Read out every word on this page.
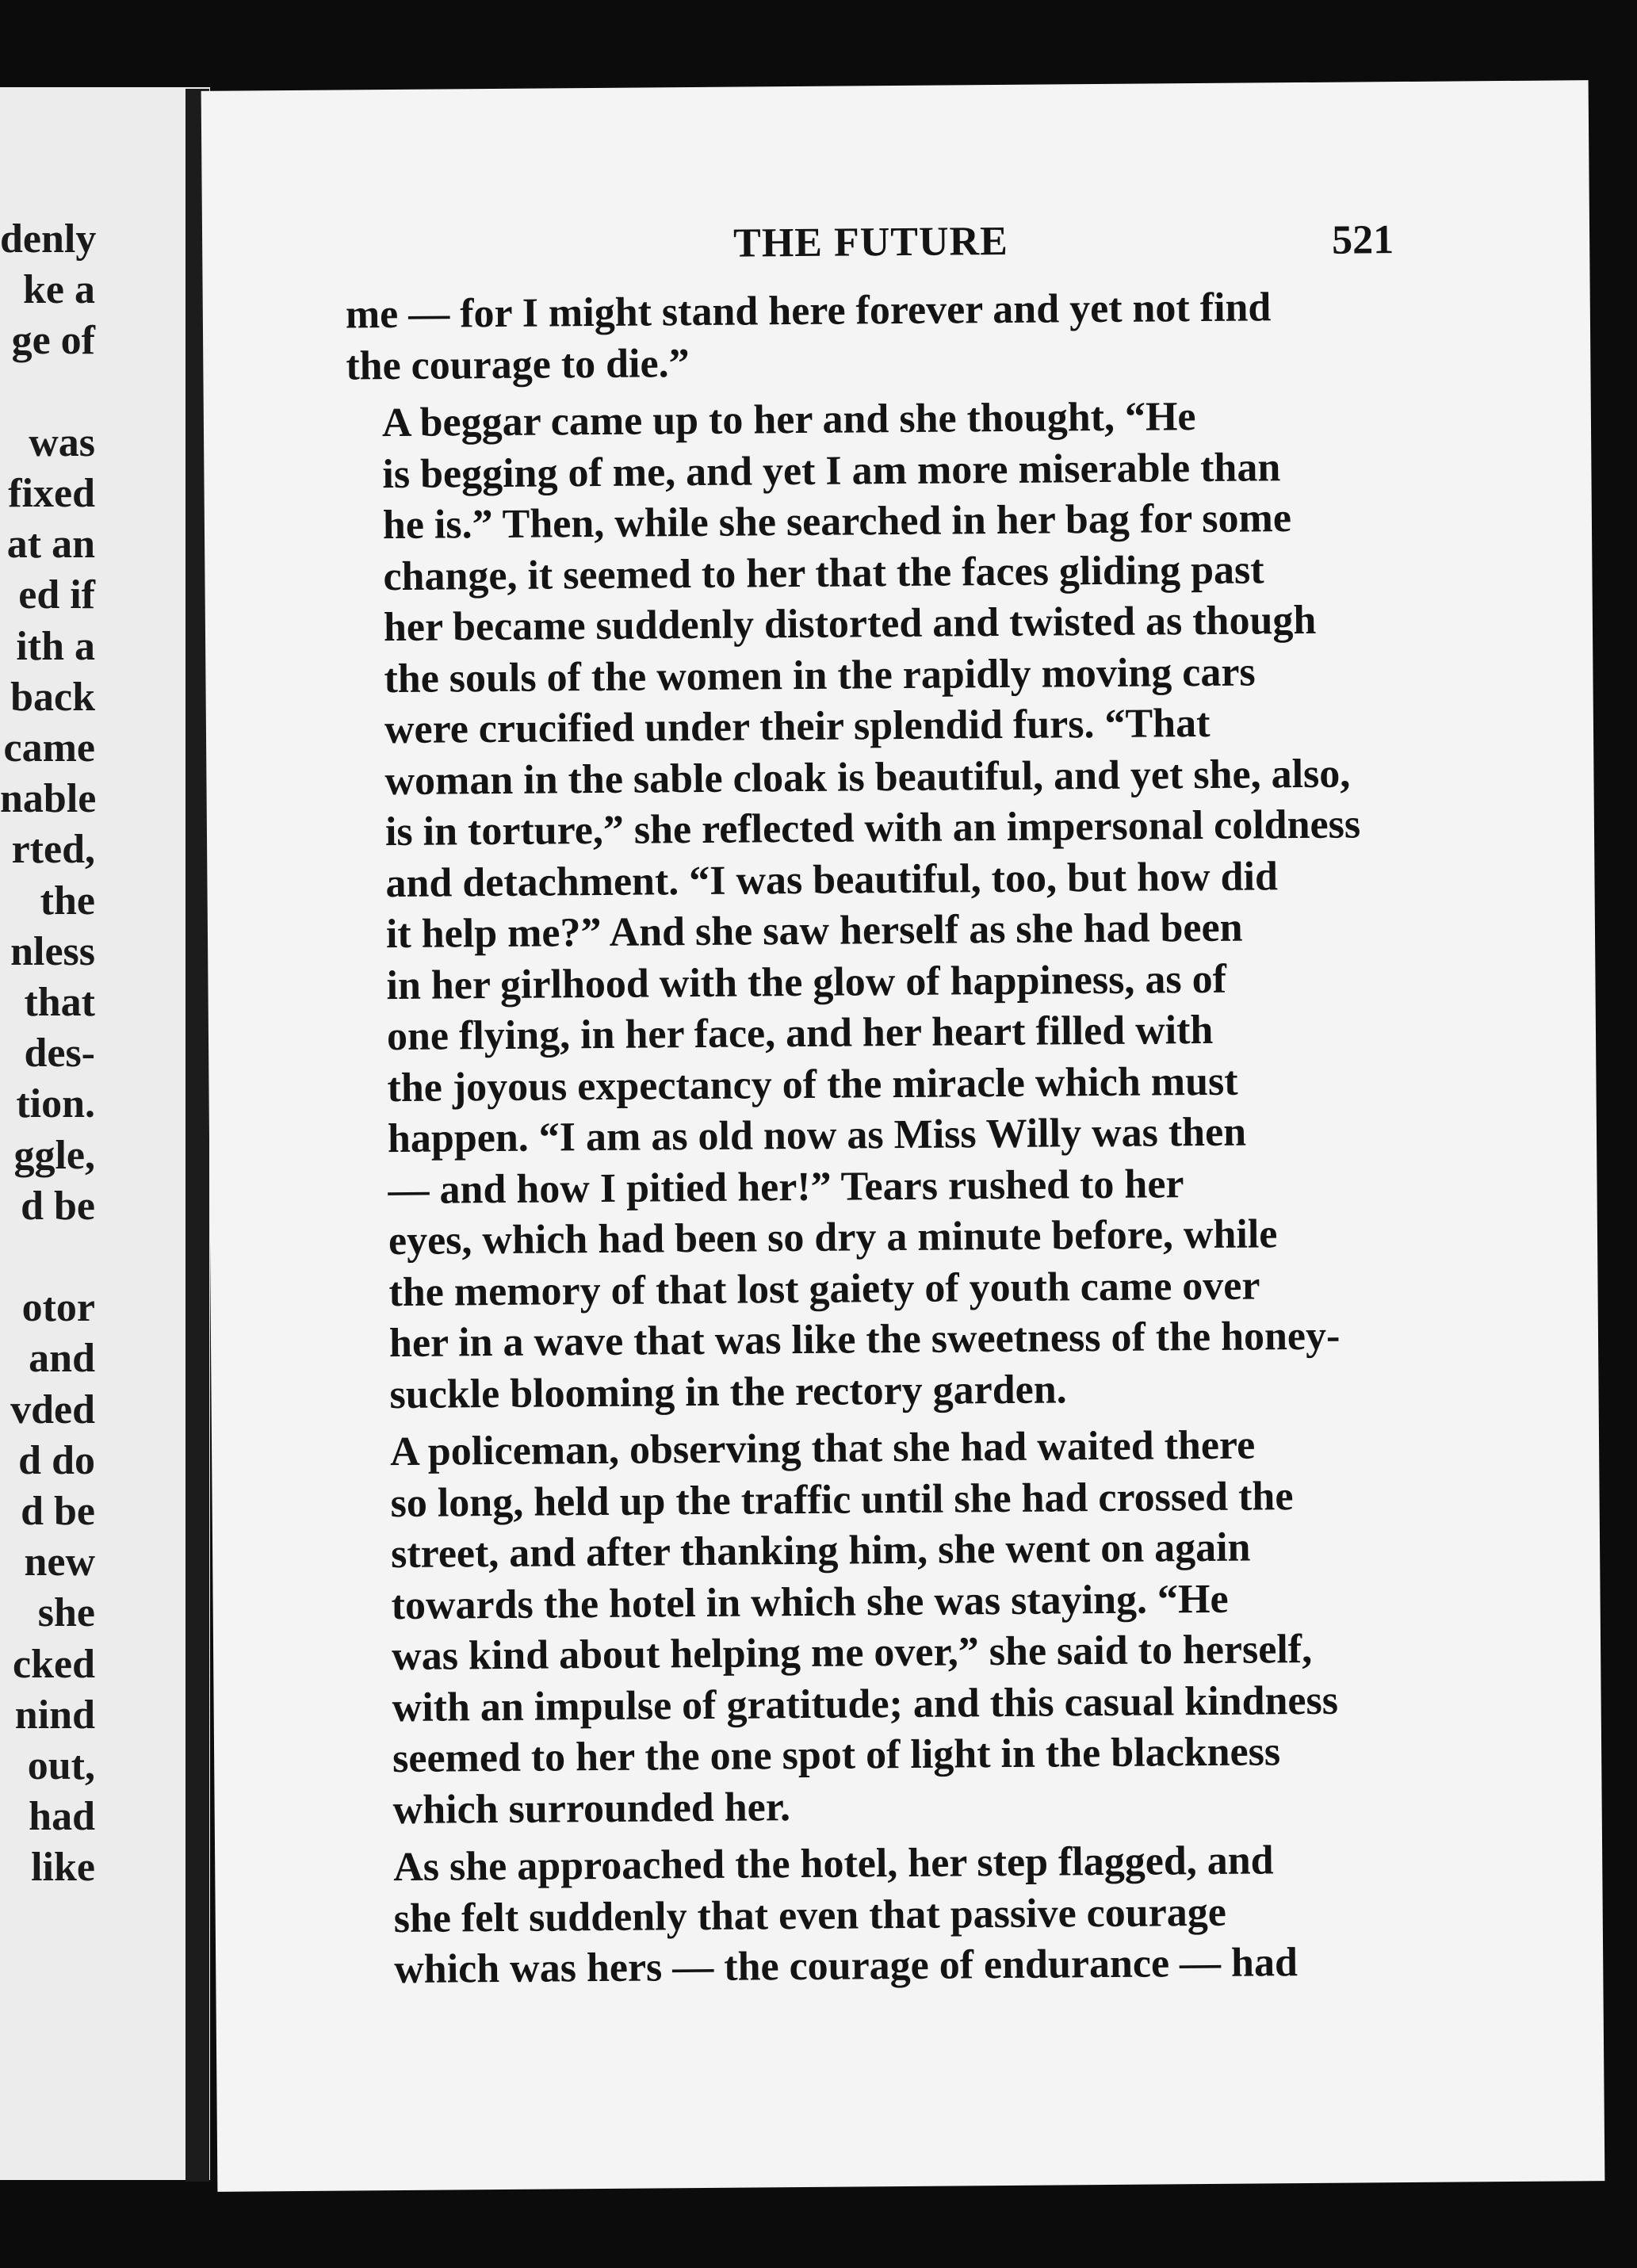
denly
ke a
ge of
was
fixed
at an
ed if
ith a
back
came
nable
rted,
the
nless
that
des-
tion.
ggle,
d be
otor
and
vded
d do
d be
new
she
cked
nind
out,
had
like
THE FUTURE	521
me — for I might stand here forever and yet not find
the courage to die.”
A beggar came up to her and she thought, “He
is begging of me, and yet I am more miserable than
he is.” Then, while she searched in her bag for some
change, it seemed to her that the faces gliding past
her became suddenly distorted and twisted as though
the souls of the women in the rapidly moving cars
were crucified under their splendid furs. “That
woman in the sable cloak is beautiful, and yet she, also,
is in torture,” she reflected with an impersonal coldness
and detachment. “I was beautiful, too, but how did
it help me?” And she saw herself as she had been
in her girlhood with the glow of happiness, as of
one flying, in her face, and her heart filled with
the joyous expectancy of the miracle which must
happen. “I am as old now as Miss Willy was then
— and how I pitied her!” Tears rushed to her
eyes, which had been so dry a minute before, while
the memory of that lost gaiety of youth came over
her in a wave that was like the sweetness of the honey-
suckle blooming in the rectory garden.
A policeman, observing that she had waited there
so long, held up the traffic until she had crossed the
street, and after thanking him, she went on again
towards the hotel in which she was staying. “He
was kind about helping me over,” she said to herself,
with an impulse of gratitude; and this casual kindness
seemed to her the one spot of light in the blackness
which surrounded her.
As she approached the hotel, her step flagged, and
she felt suddenly that even that passive courage
which was hers — the courage of endurance — had
